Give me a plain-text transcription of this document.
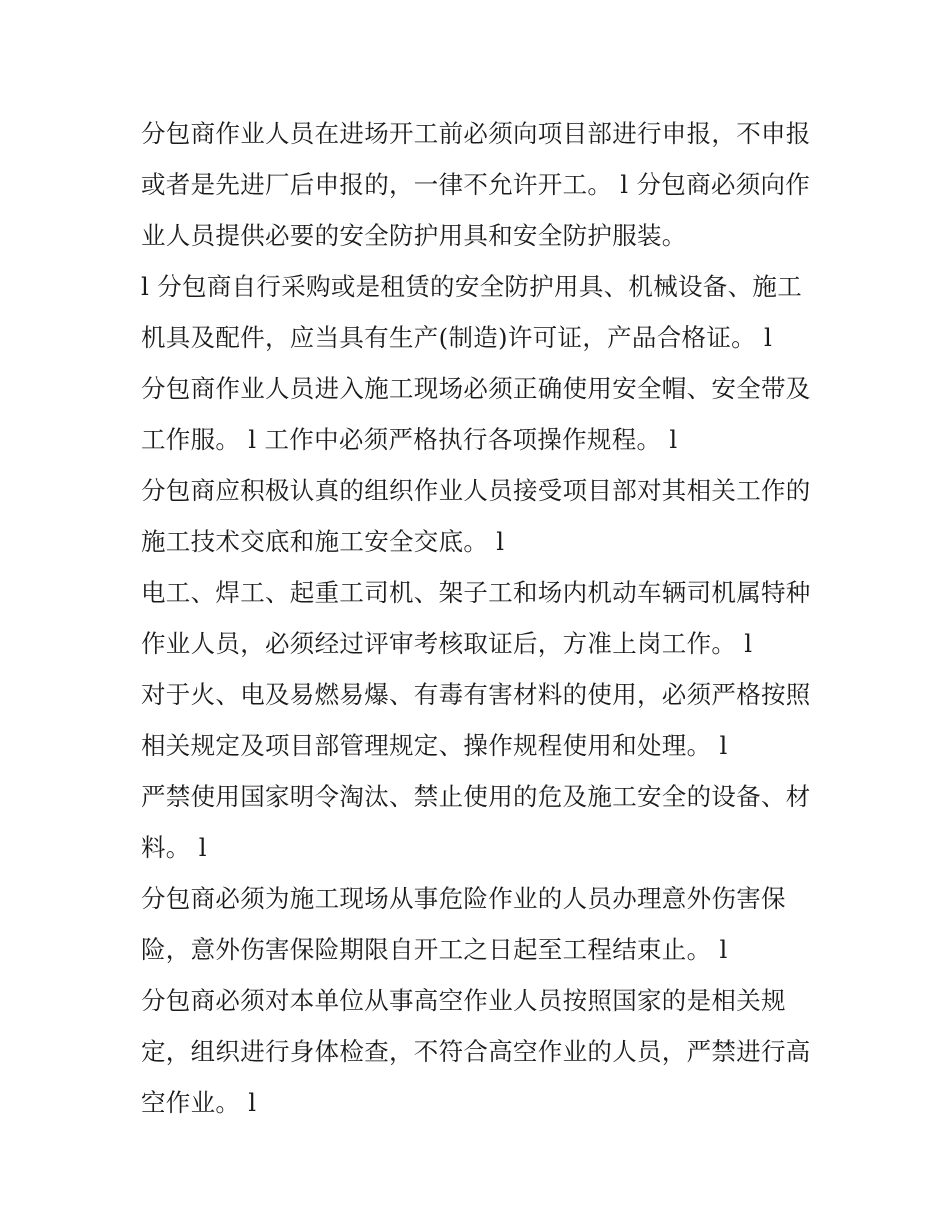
分包商作业人员在进场开工前必须向项目部进行申报，不申报
或者是先进厂后申报的，一律不允许开工。 l 分包商必须向作
业人员提供必要的安全防护用具和安全防护服装。
l 分包商自行采购或是租赁的安全防护用具、机械设备、施工
机具及配件，应当具有生产(制造)许可证，产品合格证。 l
分包商作业人员进入施工现场必须正确使用安全帽、安全带及
工作服。 l 工作中必须严格执行各项操作规程。 l
分包商应积极认真的组织作业人员接受项目部对其相关工作的
施工技术交底和施工安全交底。 l
电工、焊工、起重工司机、架子工和场内机动车辆司机属特种
作业人员，必须经过评审考核取证后，方准上岗工作。 l
对于火、电及易燃易爆、有毒有害材料的使用，必须严格按照
相关规定及项目部管理规定、操作规程使用和处理。 l
严禁使用国家明令淘汰、禁止使用的危及施工安全的设备、材
料。 l
分包商必须为施工现场从事危险作业的人员办理意外伤害保
险，意外伤害保险期限自开工之日起至工程结束止。 l
分包商必须对本单位从事高空作业人员按照国家的是相关规
定，组织进行身体检查，不符合高空作业的人员，严禁进行高
空作业。 l
